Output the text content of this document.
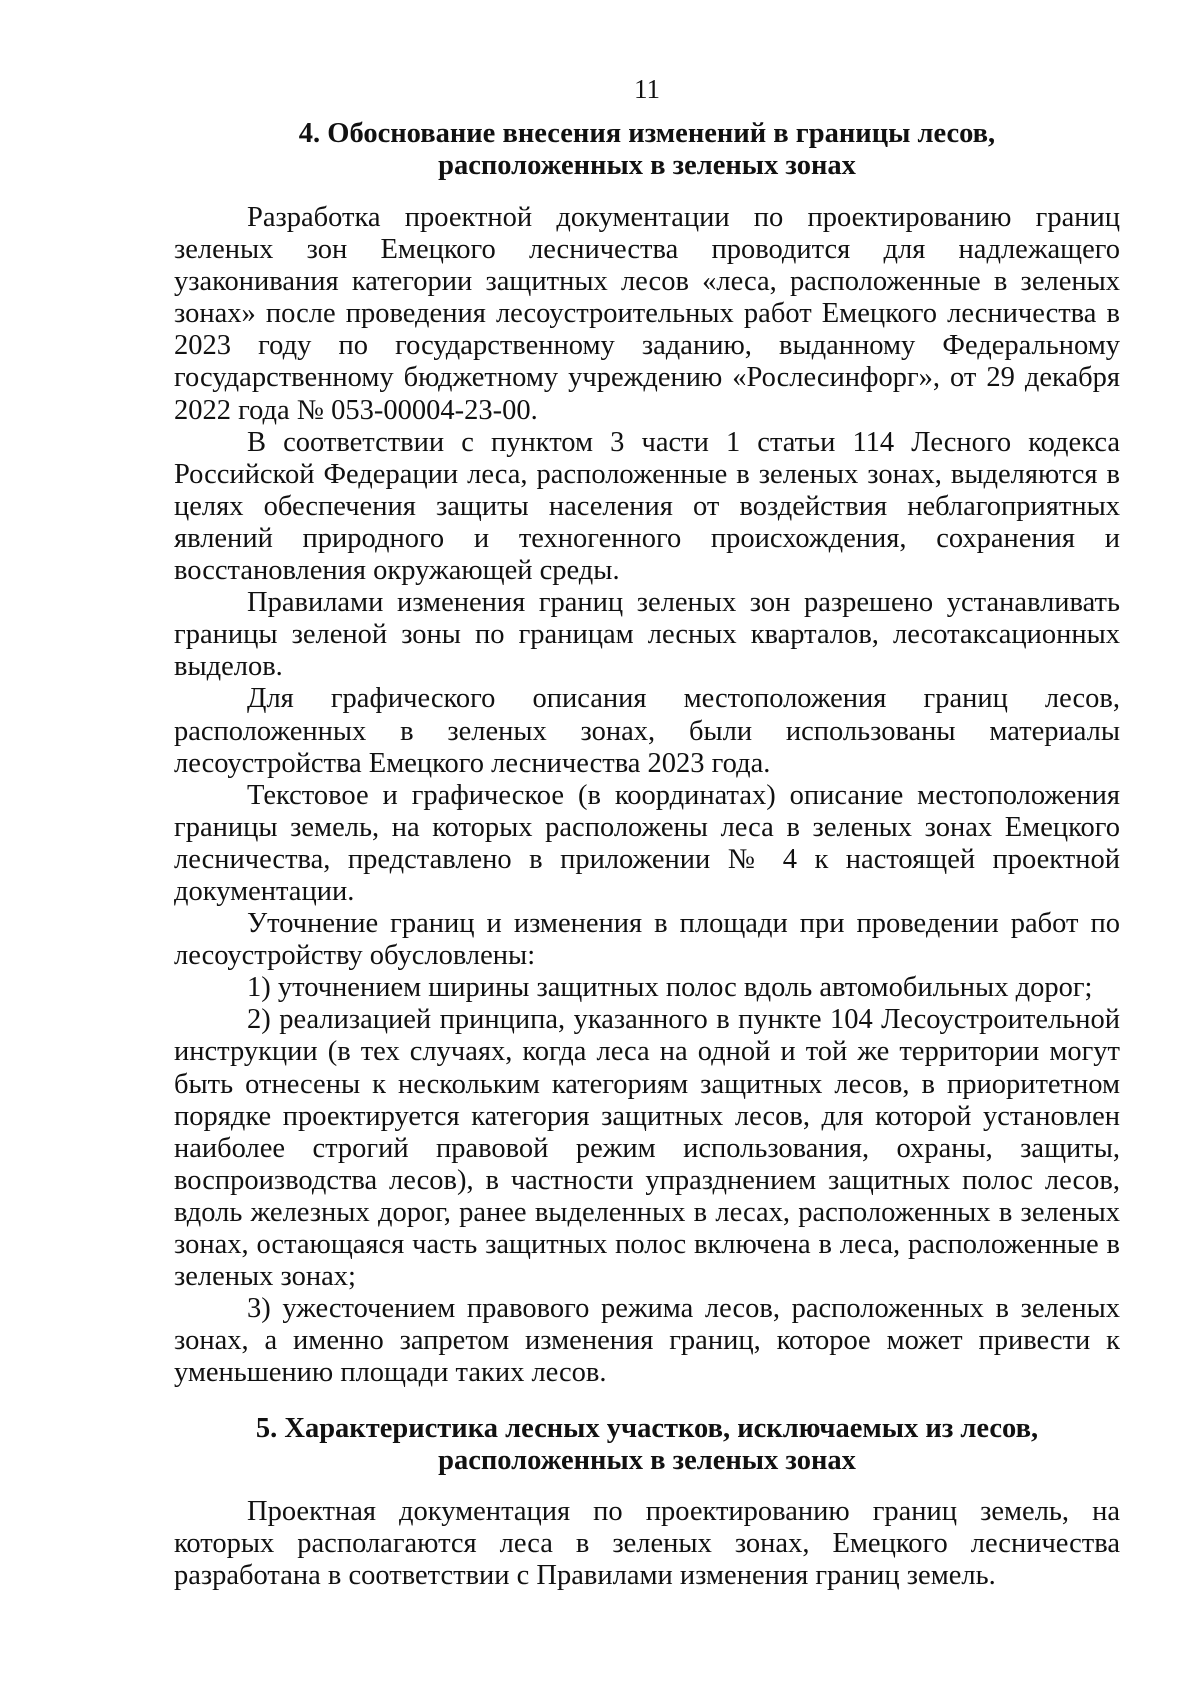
11
4. Обоснование внесения изменений в границы лесов,
расположенных в зеленых зонах

Разработка проектной документации по проектированию границ зеленых зон Емецкого лесничества проводится для надлежащего узаконивания категории защитных лесов «леса, расположенные в зеленых зонах» после проведения лесоустроительных работ Емецкого лесничества в 2023 году по государственному заданию, выданному Федеральному государственному бюджетному учреждению «Рослесинфорг», от 29 декабря 2022 года № 053-00004-23-00.

В соответствии с пунктом 3 части 1 статьи 114 Лесного кодекса Российской Федерации леса, расположенные в зеленых зонах, выделяются в целях обеспечения защиты населения от воздействия неблагоприятных явлений природного и техногенного происхождения, сохранения и восстановления окружающей среды.

Правилами изменения границ зеленых зон разрешено устанавливать границы зеленой зоны по границам лесных кварталов, лесотаксационных выделов.

Для графического описания местоположения границ лесов, расположенных в зеленых зонах, были использованы материалы лесоустройства Емецкого лесничества 2023 года.

Текстовое и графическое (в координатах) описание местоположения границы земель, на которых расположены леса в зеленых зонах Емецкого лесничества, представлено в приложении № 4 к настоящей проектной документации.

Уточнение границ и изменения в площади при проведении работ по лесоустройству обусловлены:

1) уточнением ширины защитных полос вдоль автомобильных дорог;

2) реализацией принципа, указанного в пункте 104 Лесоустроительной инструкции (в тех случаях, когда леса на одной и той же территории могут быть отнесены к нескольким категориям защитных лесов, в приоритетном порядке проектируется категория защитных лесов, для которой установлен наиболее строгий правовой режим использования, охраны, защиты, воспроизводства лесов), в частности упразднением защитных полос лесов, вдоль железных дорог, ранее выделенных в лесах, расположенных в зеленых зонах, остающаяся часть защитных полос включена в леса, расположенные в зеленых зонах;

3) ужесточением правового режима лесов, расположенных в зеленых зонах, а именно запретом изменения границ, которое может привести к уменьшению площади таких лесов.

5. Характеристика лесных участков, исключаемых из лесов,
расположенных в зеленых зонах

Проектная документация по проектированию границ земель, на которых располагаются леса в зеленых зонах, Емецкого лесничества разработана в соответствии с Правилами изменения границ земель.
